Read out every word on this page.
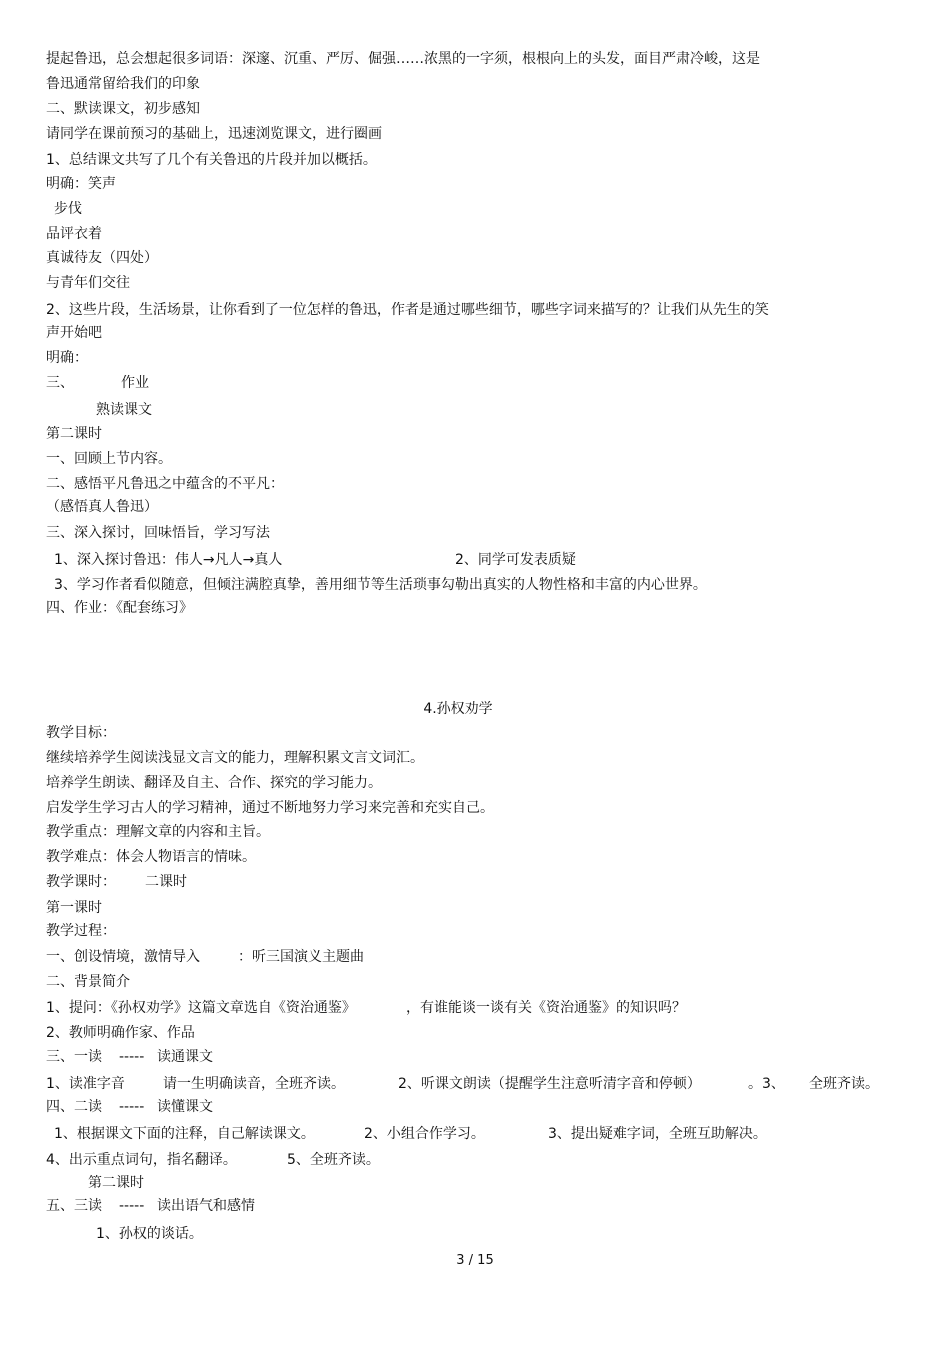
提起鲁迅，总会想起很多词语：深邃、沉重、严厉、倔强……浓黑的一字须，根根向上的头发，面目严肃冷峻，这是
鲁迅通常留给我们的印象
二、默读课文，初步感知
请同学在课前预习的基础上，迅速浏览课文，进行圈画
1、总结课文共写了几个有关鲁迅的片段并加以概括。
明确：笑声
步伐
品评衣着
真诚待友（四处）
与青年们交往
2、这些片段，生活场景，让你看到了一位怎样的鲁迅，作者是通过哪些细节，哪些字词来描写的？让我们从先生的笑
声开始吧
明确：
三、	作业
熟读课文
第二课时
一、回顾上节内容。
二、感悟平凡鲁迅之中蕴含的不平凡：
（感悟真人鲁迅）
三、深入探讨，回味悟旨，学习写法
1、深入探讨鲁迅：伟人→凡人→真人	2、同学可发表质疑
3、学习作者看似随意，但倾注满腔真挚，善用细节等生活琐事勾勒出真实的人物性格和丰富的内心世界。
四、作业：《配套练习》
4.孙权劝学
教学目标：
继续培养学生阅读浅显文言文的能力，理解积累文言文词汇。
培养学生朗读、翻译及自主、合作、探究的学习能力。
启发学生学习古人的学习精神，通过不断地努力学习来完善和充实自己。
教学重点：理解文章的内容和主旨。
教学难点：体会人物语言的情味。
教学课时： 二课时
第一课时
教学过程：
一、创设情境，激情导入	：听三国演义主题曲
二、背景简介
1、提问：《孙权劝学》这篇文章选自《资治通鉴》	，有谁能谈一谈有关《资治通鉴》的知识吗？
2、教师明确作家、作品
三、一读 ----- 读通课文
1、读准字音	请一生明确读音，全班齐读。	2、听课文朗读（提醒学生注意听清字音和停顿）	。3、 全班齐读。
四、二读 ----- 读懂课文
1、根据课文下面的注释，自己解读课文。	2、小组合作学习。	3、提出疑难字词，全班互助解决。
4、出示重点词句，指名翻译。	5、全班齐读。
第二课时
五、三读 ----- 读出语气和感情
1、孙权的谈话。
3 / 15
